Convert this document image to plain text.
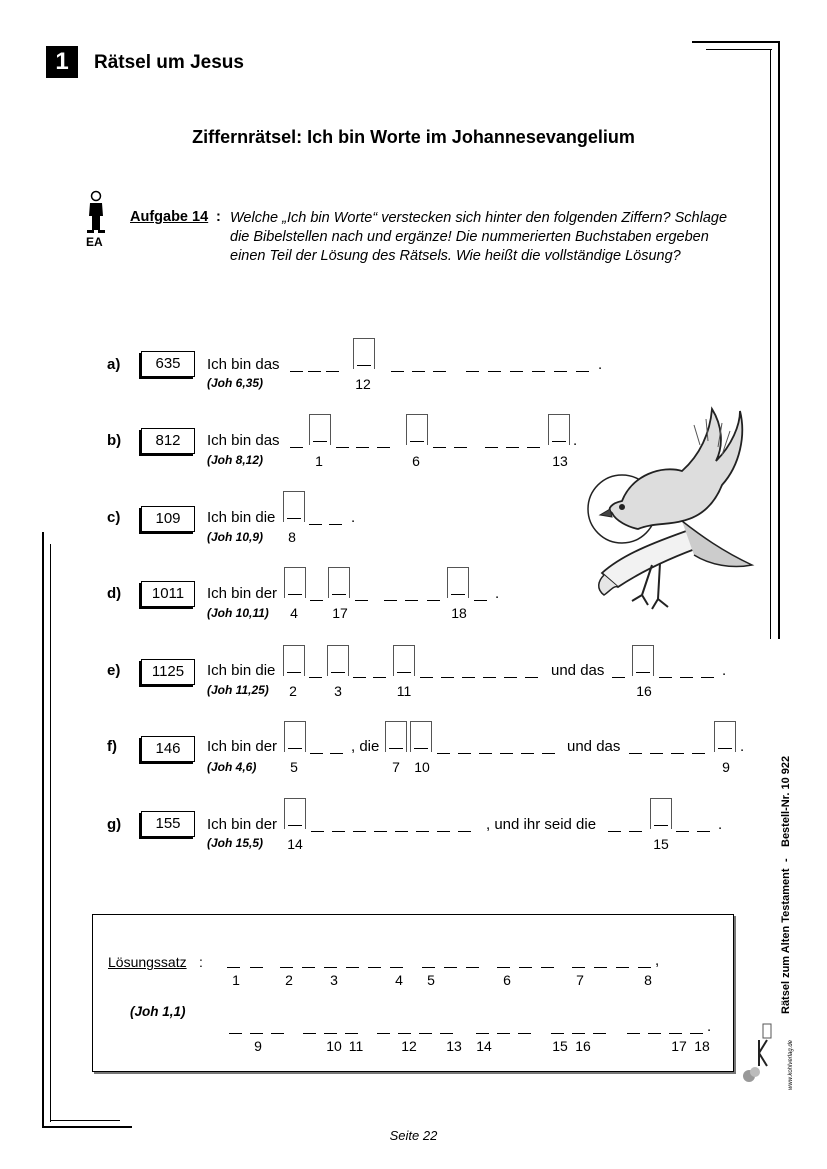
1	Rätsel um Jesus
Ziffernrätsel: Ich bin Worte im Johannesevangelium
EA
Aufgabe 14 : Welche „Ich bin Worte“ verstecken sich hinter den folgenden Ziffern? Schlage die Bibelstellen nach und ergänze! Die nummerierten Buchstaben ergeben einen Teil der Lösung des Rätsels. Wie heißt die vollständige Lösung?
a)	635	Ich bin das
(Joh 6,35)	12
.
b)	812	Ich bin das
(Joh 8,12)	1	6	13
.
c)	109	Ich bin die
(Joh 10,9)	8
.
d)	1011	Ich bin der
(Joh 10,11)	4	17	18
.
e)	1125	Ich bin die
(Joh 11,25)	2	3	11
und das
16
.
f)	146	Ich bin der
(Joh 4,6)	5
, die
7	10
und das
9
.
g)	155	Ich bin der
(Joh 15,5)	14
, und ihr seid die
15
.
Lösungssatz :
(Joh 1,1)
,
1	2	3	4	5	6	7	8
.
9	10 11	12	13	14	15 16	17 18
Bestell-Nr. 10 922
-
Rätsel zum Alten Testament
www.kohlverlag.de
Seite 22
